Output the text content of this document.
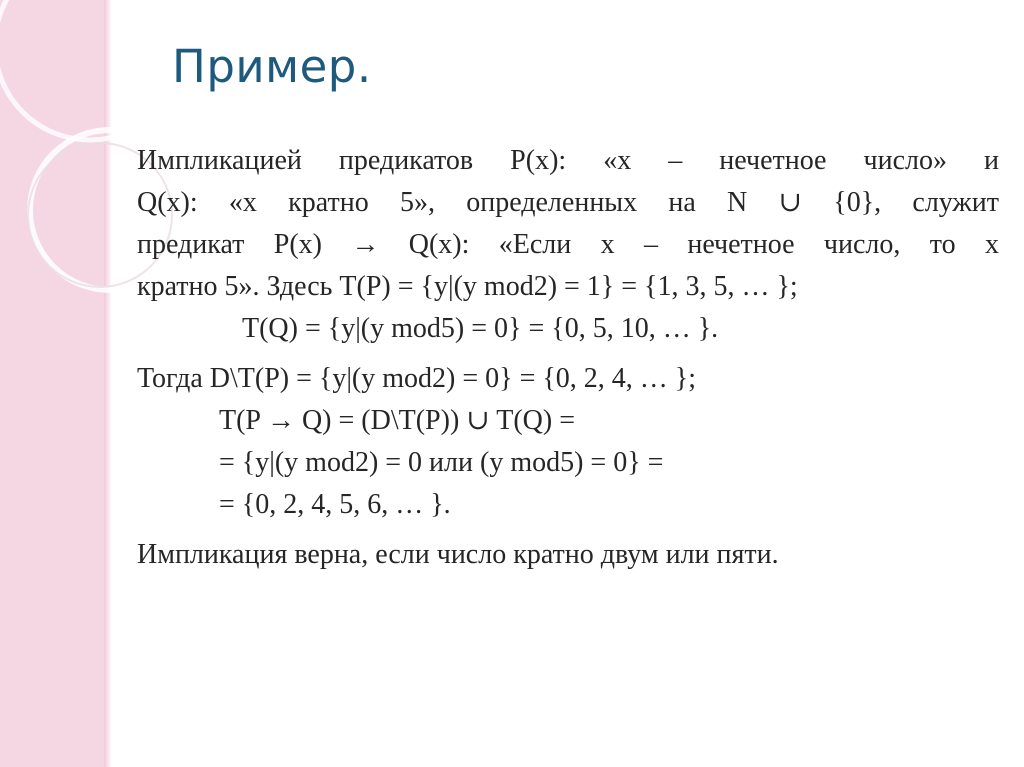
Пример.
Импликацией предикатов P(x): «x – нечетное число» и
Q(x): «x кратно 5», определенных на N ∪ {0}, служит
предикат P(x) → Q(x): «Если x – нечетное число, то x
кратно 5». Здесь T(P) = {y|(y mod2) = 1} = {1, 3, 5, … };
T(Q) = {y|(y mod5) = 0} = {0, 5, 10, … }.
Тогда D\T(P) = {y|(y mod2) = 0} = {0, 2, 4, … };
T(P → Q) = (D\T(P)) ∪ T(Q) =
= {y|(y mod2) = 0 или (y mod5) = 0} =
= {0, 2, 4, 5, 6, … }.
Импликация верна, если число кратно двум или пяти.
